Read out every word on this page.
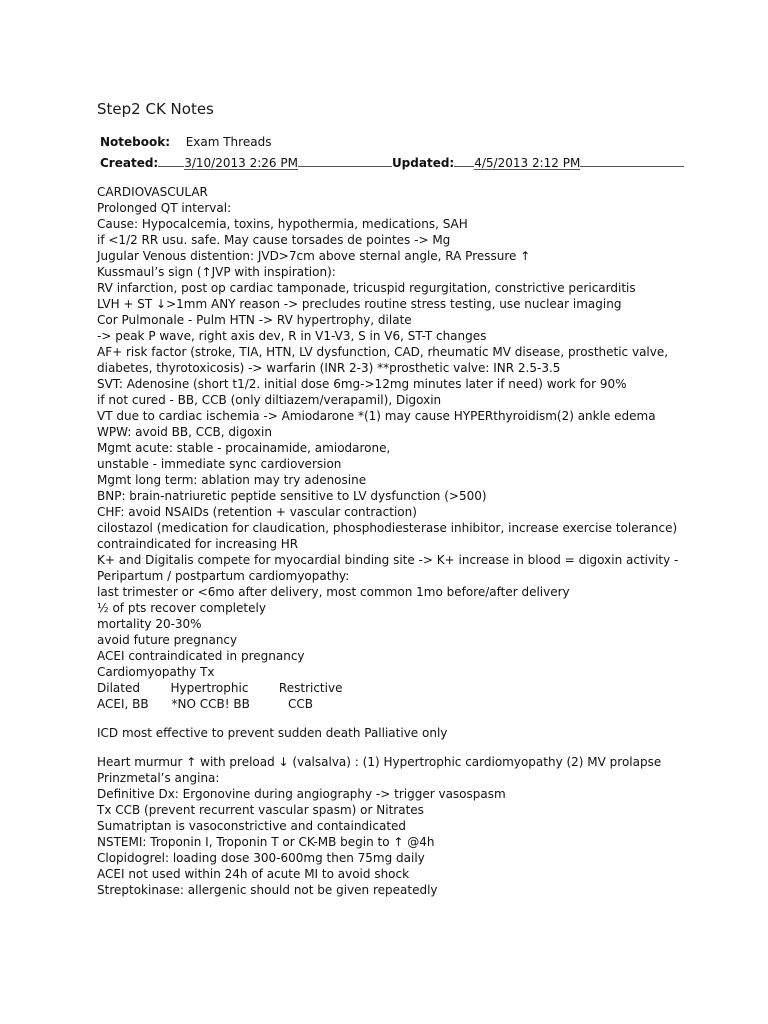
Step2 CK Notes
Notebook: Exam Threads
Created: 3/10/2013 2:26 PM	Updated: 4/5/2013 2:12 PM
CARDIOVASCULAR
Prolonged QT interval:
Cause: Hypocalcemia, toxins, hypothermia, medications, SAH
if <1/2 RR usu. safe. May cause torsades de pointes -> Mg
Jugular Venous distention: JVD>7cm above sternal angle, RA Pressure ↑
Kussmaul’s sign (↑JVP with inspiration):
RV infarction, post op cardiac tamponade, tricuspid regurgitation, constrictive pericarditis
LVH + ST ↓>1mm ANY reason -> precludes routine stress testing, use nuclear imaging
Cor Pulmonale - Pulm HTN -> RV hypertrophy, dilate
-> peak P wave, right axis dev, R in V1-V3, S in V6, ST-T changes
AF+ risk factor (stroke, TIA, HTN, LV dysfunction, CAD, rheumatic MV disease, prosthetic valve,
diabetes, thyrotoxicosis) -> warfarin (INR 2-3) **prosthetic valve: INR 2.5-3.5
SVT: Adenosine (short t1/2. initial dose 6mg->12mg minutes later if need) work for 90%
if not cured - BB, CCB (only diltiazem/verapamil), Digoxin
VT due to cardiac ischemia -> Amiodarone *(1) may cause HYPERthyroidism(2) ankle edema
WPW: avoid BB, CCB, digoxin
Mgmt acute: stable - procainamide, amiodarone,
unstable - immediate sync cardioversion
Mgmt long term: ablation may try adenosine
BNP: brain-natriuretic peptide sensitive to LV dysfunction (>500)
CHF: avoid NSAIDs (retention + vascular contraction)
cilostazol (medication for claudication, phosphodiesterase inhibitor, increase exercise tolerance)
contraindicated for increasing HR
K+ and Digitalis compete for myocardial binding site -> K+ increase in blood = digoxin activity -
Peripartum / postpartum cardiomyopathy:
last trimester or <6mo after delivery, most common 1mo before/after delivery
½ of pts recover completely
mortality 20-30%
avoid future pregnancy
ACEI contraindicated in pregnancy
Cardiomyopathy Tx
Dilated        Hypertrophic        Restrictive
ACEI, BB      *NO CCB! BB          CCB
ICD most effective to prevent sudden death Palliative only
Heart murmur ↑ with preload ↓ (valsalva) : (1) Hypertrophic cardiomyopathy (2) MV prolapse
Prinzmetal’s angina:
Definitive Dx: Ergonovine during angiography -> trigger vasospasm
Tx CCB (prevent recurrent vascular spasm) or Nitrates
Sumatriptan is vasoconstrictive and containdicated
NSTEMI: Troponin I, Troponin T or CK-MB begin to ↑ @4h
Clopidogrel: loading dose 300-600mg then 75mg daily
ACEI not used within 24h of acute MI to avoid shock
Streptokinase: allergenic should not be given repeatedly
